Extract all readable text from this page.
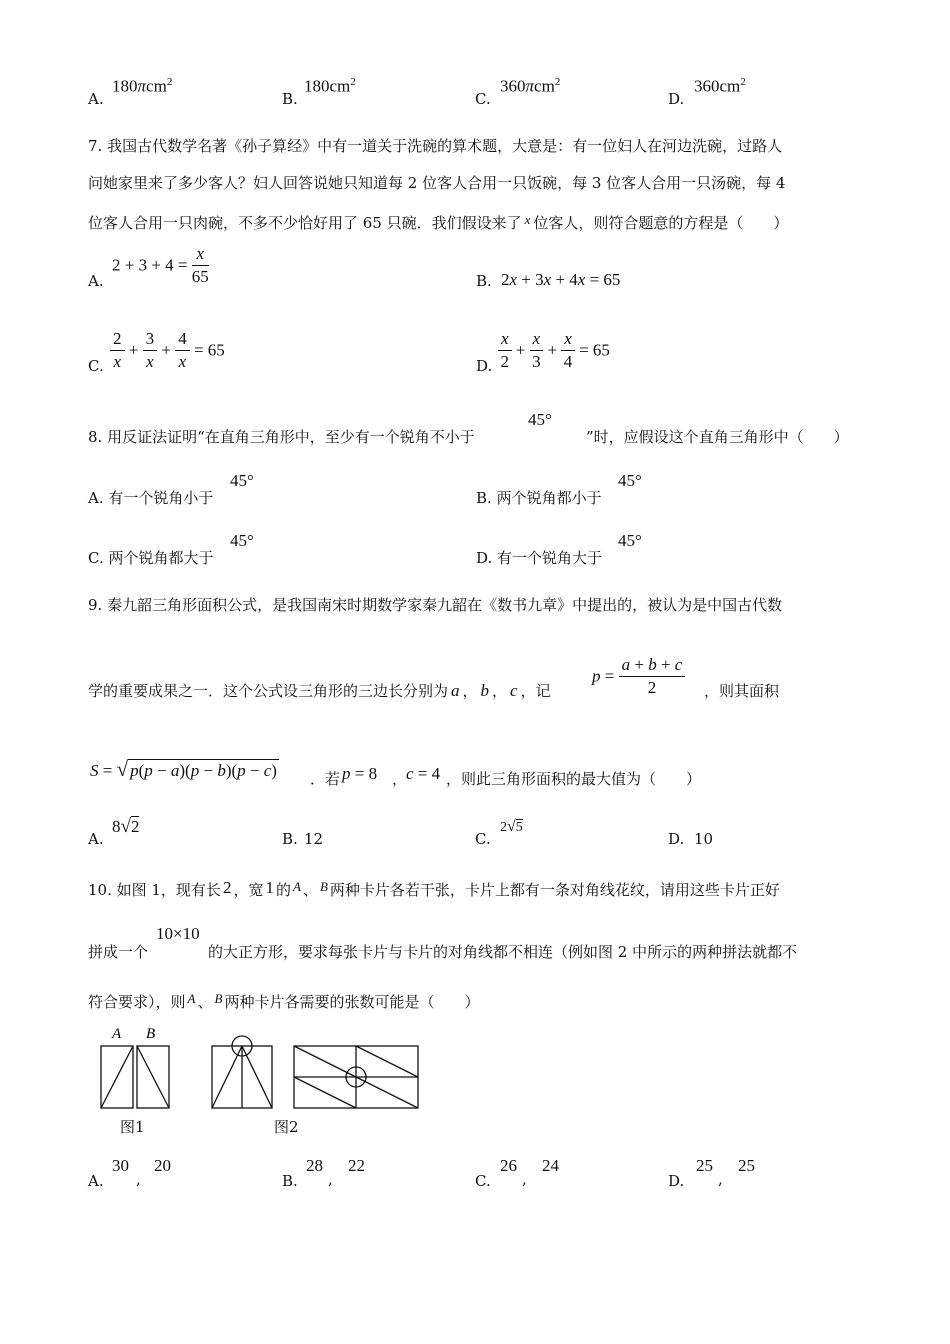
A.
180πcm$^2$
B.
$180cm^2$
C.
360πcm$^2$
D.
$360cm^2$
7. 我国古代数学名著《孙子算经》中有一道关于洗碗的算术题，大意是：有一位妇人在河边洗碗，过路人
问她家里来了多少客人？妇人回答说她只知道每 2 位客人合用一只饭碗，每 3 位客人合用一只汤碗，每 4
位客人合用一只肉碗，不多不少恰好用了 65 只碗．我们假设来了 x 位客人，则符合题意的方程是（　　）
A.
$2 + 3 + 4 = \frac{x}{65}$	B. 2x + 3x + 4x = 65
C. $\frac{2}{x} + \frac{3}{x} + \frac{4}{x} = 65$
D. $\frac{x}{2} + \frac{x}{3} + \frac{x}{4} = 65$
8. 用反证法证明“在直角三角形中，至少有一个锐角不小于
45°
”时，应假设这个直角三角形中（　　）
A. 有一个锐角小于
45°
B. 两个锐角都小于
45°
C. 两个锐角都大于
45°
D. 有一个锐角大于
45°
9. 秦九韶三角形面积公式，是我国南宋时期数学家秦九韶在《数书九章》中提出的，被认为是中国古代数
学的重要成果之一．这个公式设三角形的三边长分别为 a ， b ， c ，记
$p = \frac{a + b + c}{2}$ ，则其面积
S = √ p(p − a)(p − b)(p − c) ．若 p = 8 ，
c = 4 ，则此三角形面积的最大值为（　　）
A.
8√2
B. 12	C.
2√5
D. 10
10. 如图 1，现有长 2 ，宽 1 的 A 、 B 两种卡片各若干张，卡片上都有一条对角线花纹，请用这些卡片正好
拼成一个
10×10
的大正方形，要求每张卡片与卡片的对角线都不相连（例如图 2 中所示的两种拼法就都不
符合要求），则 A 、 B 两种卡片各需要的张数可能是（　　）
A B
图1	图2
A.
30
,
20
B.
28
,
22
C.
26
,
24
D.
25
,
25
